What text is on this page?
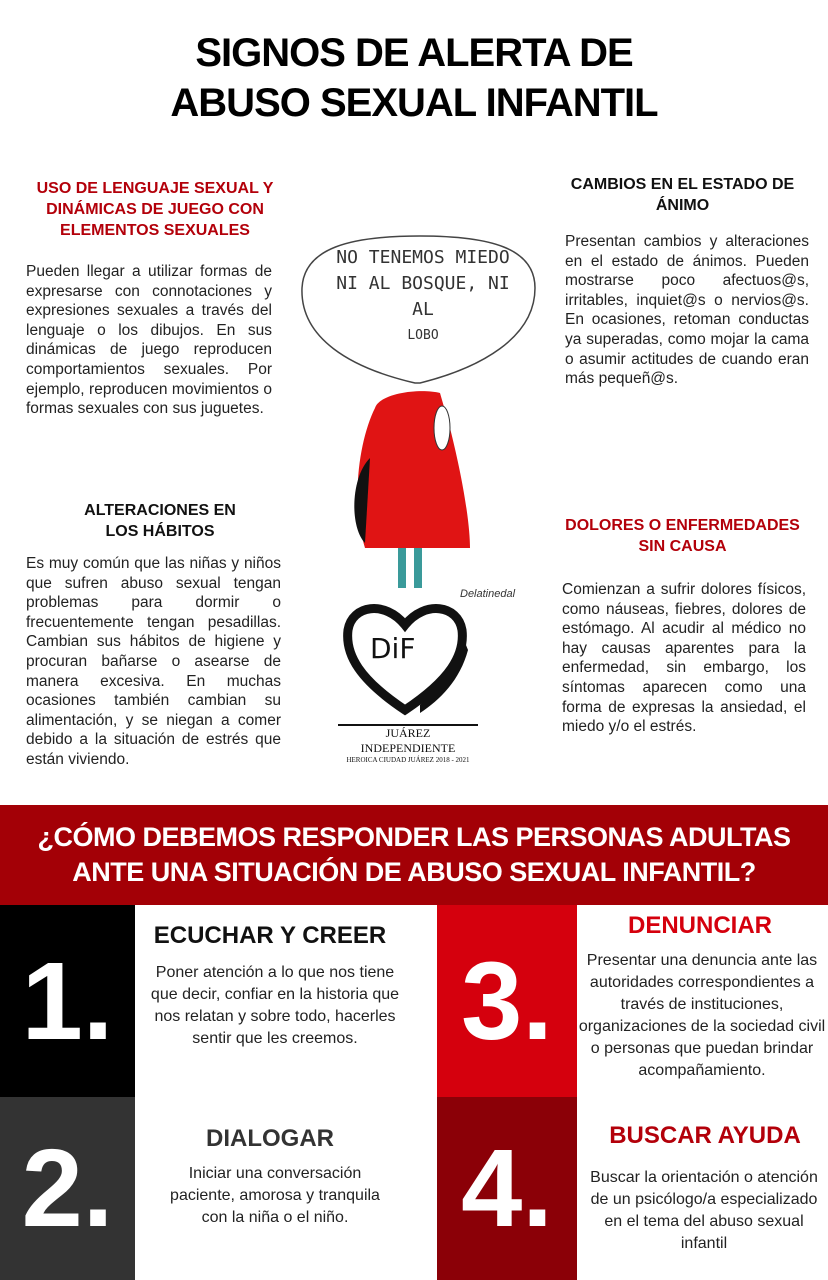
SIGNOS DE ALERTA DE
ABUSO SEXUAL INFANTIL
USO DE LENGUAJE SEXUAL Y DINÁMICAS DE JUEGO CON ELEMENTOS SEXUALES
Pueden llegar a utilizar formas de expresarse con connotaciones y expresiones sexuales a través del lenguaje o los dibujos. En sus dinámicas de juego reproducen comportamientos sexuales. Por ejemplo, reproducen movimientos o formas sexuales con sus juguetes.
CAMBIOS EN EL ESTADO DE ÁNIMO
Presentan cambios y alteraciones en el estado de ánimos. Pueden mostrarse poco afectuos@s, irritables, inquiet@s o nervios@s. En ocasiones, retoman conductas ya superadas, como mojar la cama o asumir actitudes de cuando eran más pequeñ@s.
ALTERACIONES EN LOS HÁBITOS
Es muy común que las niñas y niños que sufren abuso sexual tengan problemas para dormir o frecuentemente tengan pesadillas. Cambian sus hábitos de higiene y procuran bañarse o asearse de manera excesiva. En muchas ocasiones también cambian su alimentación, y se niegan a comer debido a la situación de estrés que están viviendo.
DOLORES O ENFERMEDADES SIN CAUSA
Comienzan a sufrir dolores físicos, como náuseas, fiebres, dolores de estómago. Al acudir al médico no hay causas aparentes para la enfermedad, sin embargo, los síntomas aparecen como una forma de expresas la ansiedad, el miedo y/o el estrés.
NO TENEMOS MIEDO
NI AL BOSQUE, NI
AL
LOBO
Delatinedal
DiF
JUÁREZ INDEPENDIENTE
HEROICA CIUDAD JUÁREZ 2018 - 2021
¿CÓMO DEBEMOS RESPONDER LAS PERSONAS ADULTAS
ANTE UNA SITUACIÓN DE ABUSO SEXUAL INFANTIL?
1.
ECUCHAR Y CREER
Poner atención a lo que nos tiene que decir, confiar en la historia que nos relatan y sobre todo, hacerles sentir que les creemos.
2.	DIALOGAR
Iniciar una conversación paciente, amorosa y tranquila con la niña o el niño.
3.
DENUNCIAR
Presentar una denuncia ante las autoridades correspondientes a través de instituciones, organizaciones de la sociedad civil o personas que puedan brindar acompañamiento.
4.	BUSCAR AYUDA
Buscar la orientación o atención de un psicólogo/a especializado en el tema del abuso sexual infantil
